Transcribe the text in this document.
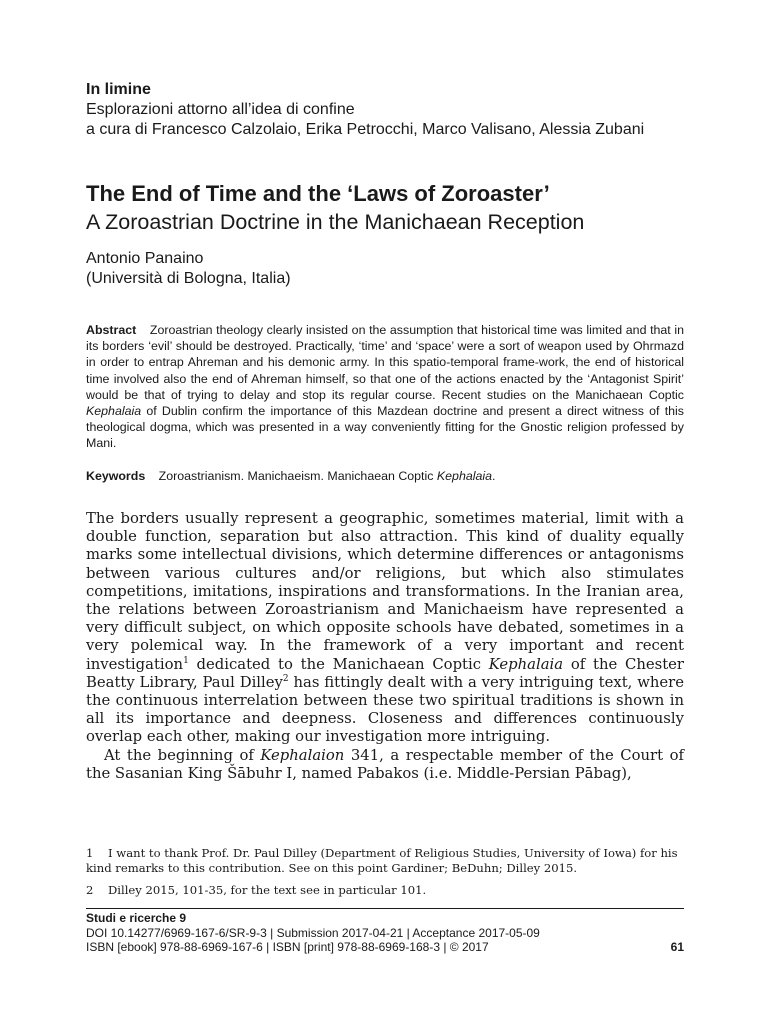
In limine
Esplorazioni attorno all’idea di confine
a cura di Francesco Calzolaio, Erika Petrocchi, Marco Valisano, Alessia Zubani
The End of Time and the ‘Laws of Zoroaster’
A Zoroastrian Doctrine in the Manichaean Reception
Antonio Panaino
(Università di Bologna, Italia)
Abstract Zoroastrian theology clearly insisted on the assumption that historical time was limited and that in its borders ‘evil’ should be destroyed. Practically, ‘time’ and ‘space’ were a sort of weapon used by Ohrmazd in order to entrap Ahreman and his demonic army. In this spatio-temporal frame-work, the end of historical time involved also the end of Ahreman himself, so that one of the actions enacted by the ‘Antagonist Spirit’ would be that of trying to delay and stop its regular course. Recent studies on the Manichaean Coptic Kephalaia of Dublin confirm the importance of this Mazdean doctrine and present a direct witness of this theological dogma, which was presented in a way conveniently fitting for the Gnostic religion professed by Mani.
Keywords Zoroastrianism. Manichaeism. Manichaean Coptic Kephalaia.

The borders usually represent a geographic, sometimes material, limit with a double function, separation but also attraction. This kind of duality equally marks some intellectual divisions, which determine differences or antagonisms between various cultures and/or religions, but which also stimulates competitions, imitations, inspirations and transformations. In the Iranian area, the relations between Zoroastrianism and Manichaeism have represented a very difficult subject, on which opposite schools have debated, sometimes in a very polemical way. In the framework of a very important and recent investigation$^1$ dedicated to the Manichaean Coptic Kephalaia of the Chester Beatty Library, Paul Dilley$^2$ has fittingly dealt with a very intriguing text, where the continuous interrelation between these two spiritual traditions is shown in all its importance and deepness. Closeness and differences continuously overlap each other, making our investigation more intriguing.

At the beginning of Kephalaion 341, a respectable member of the Court of the Sasanian King Šābuhr I, named Pabakos (i.e. Middle-Persian Pābag),

1 I want to thank Prof. Dr. Paul Dilley (Department of Religious Studies, University of Iowa) for his kind remarks to this contribution. See on this point Gardiner; BeDuhn; Dilley 2015.
2 Dilley 2015, 101-35, for the text see in particular 101.
Studi e ricerche 9
DOI 10.14277/6969-167-6/SR-9-3 | Submission 2017-04-21 | Acceptance 2017-05-09
ISBN [ebook] 978-88-6969-167-6 | ISBN [print] 978-88-6969-168-3 | © 2017	61
